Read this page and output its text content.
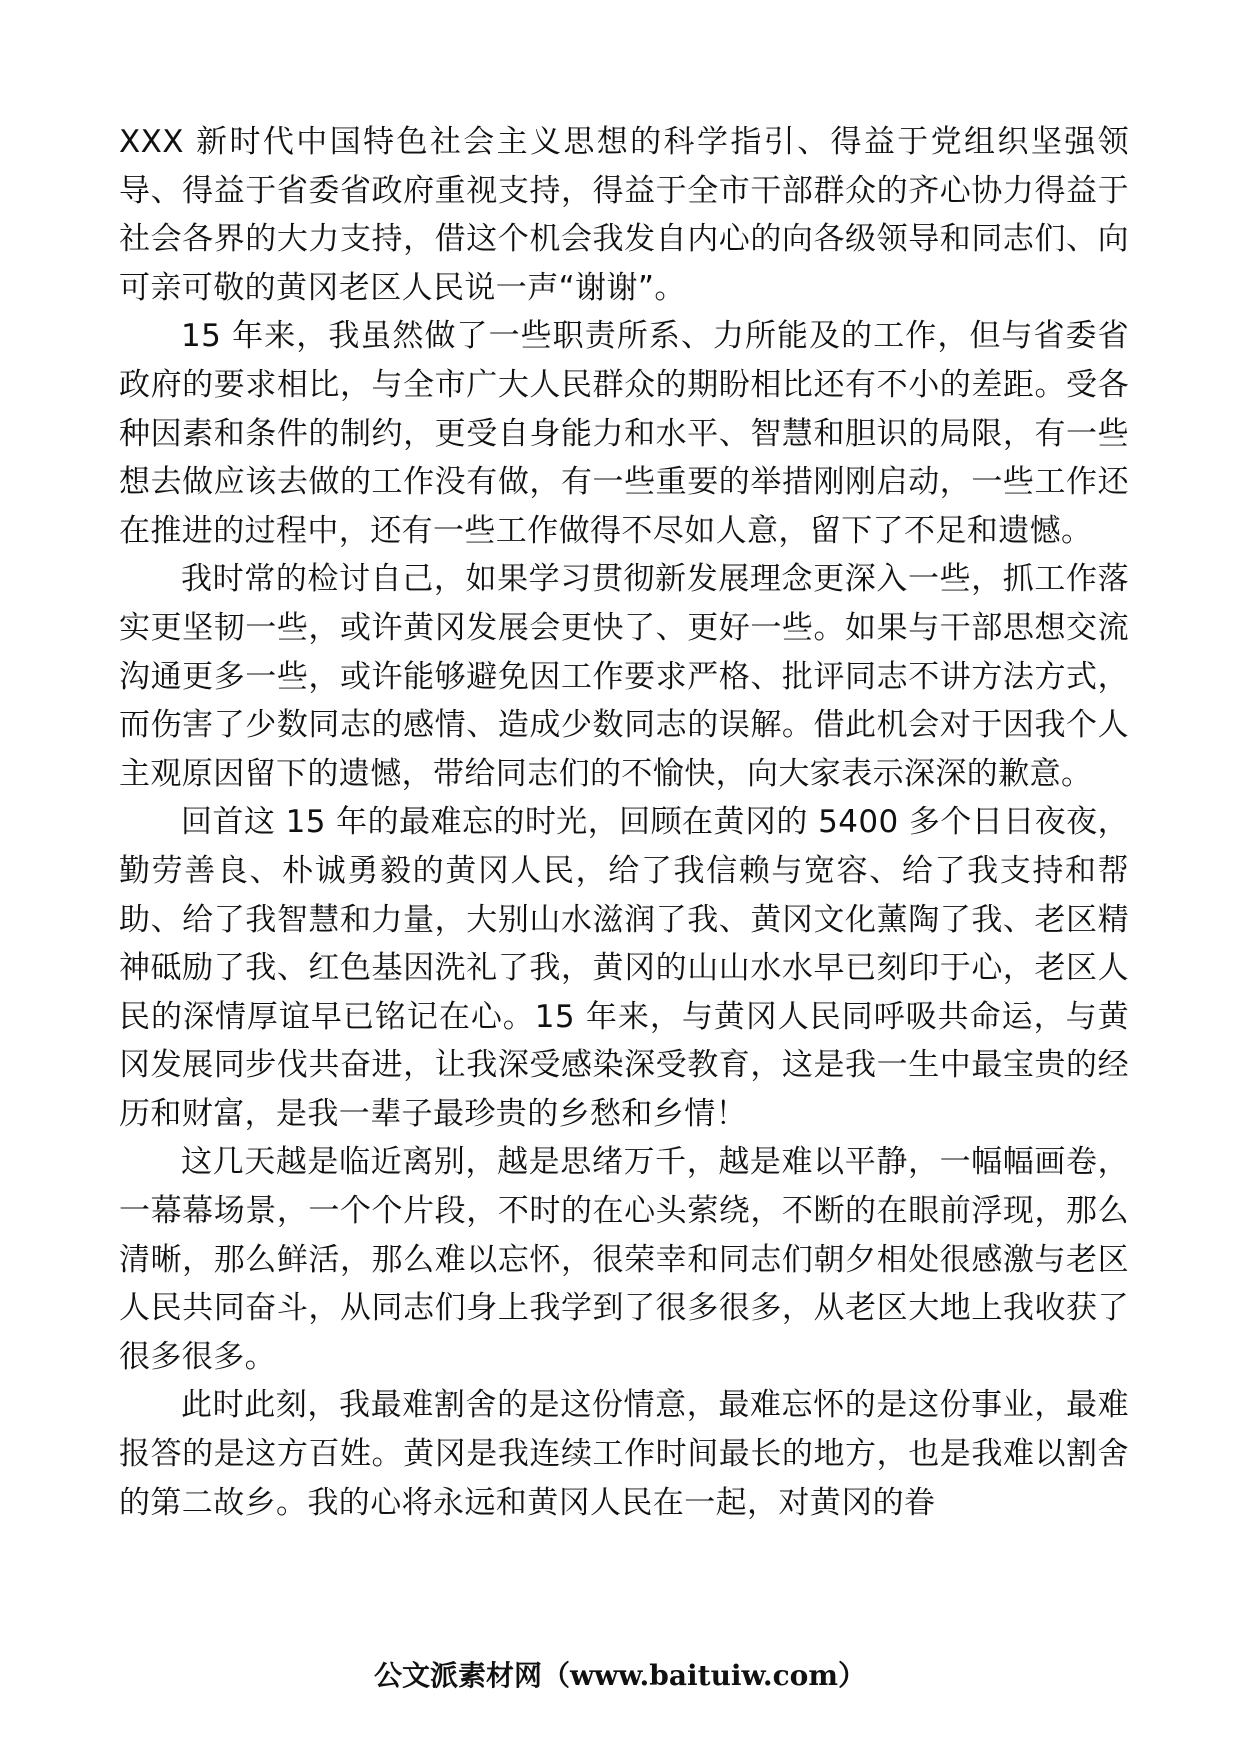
XXX 新时代中国特色社会主义思想的科学指引、得益于党组织坚强领导、得益于省委省政府重视支持，得益于全市干部群众的齐心协力得益于社会各界的大力支持，借这个机会我发自内心的向各级领导和同志们、向可亲可敬的黄冈老区人民说一声“谢谢”。

15 年来，我虽然做了一些职责所系、力所能及的工作，但与省委省政府的要求相比，与全市广大人民群众的期盼相比还有不小的差距。受各种因素和条件的制约，更受自身能力和水平、智慧和胆识的局限，有一些想去做应该去做的工作没有做，有一些重要的举措刚刚启动，一些工作还在推进的过程中，还有一些工作做得不尽如人意，留下了不足和遗憾。

我时常的检讨自己，如果学习贯彻新发展理念更深入一些，抓工作落实更坚韧一些，或许黄冈发展会更快了、更好一些。如果与干部思想交流沟通更多一些，或许能够避免因工作要求严格、批评同志不讲方法方式，而伤害了少数同志的感情、造成少数同志的误解。借此机会对于因我个人主观原因留下的遗憾，带给同志们的不愉快，向大家表示深深的歉意。

回首这 15 年的最难忘的时光，回顾在黄冈的 5400 多个日日夜夜，勤劳善良、朴诚勇毅的黄冈人民，给了我信赖与宽容、给了我支持和帮助、给了我智慧和力量，大别山水滋润了我、黄冈文化薰陶了我、老区精神砥励了我、红色基因洗礼了我，黄冈的山山水水早已刻印于心，老区人民的深情厚谊早已铭记在心。15 年来，与黄冈人民同呼吸共命运，与黄冈发展同步伐共奋进，让我深受感染深受教育，这是我一生中最宝贵的经历和财富，是我一辈子最珍贵的乡愁和乡情！

这几天越是临近离别，越是思绪万千，越是难以平静，一幅幅画卷，一幕幕场景，一个个片段，不时的在心头萦绕，不断的在眼前浮现，那么清晰，那么鲜活，那么难以忘怀，很荣幸和同志们朝夕相处很感激与老区人民共同奋斗，从同志们身上我学到了很多很多，从老区大地上我收获了很多很多。

此时此刻，我最难割舍的是这份情意，最难忘怀的是这份事业，最难报答的是这方百姓。黄冈是我连续工作时间最长的地方，也是我难以割舍的第二故乡。我的心将永远和黄冈人民在一起，对黄冈的眷

公文派素材网（www.baituiw.com）
